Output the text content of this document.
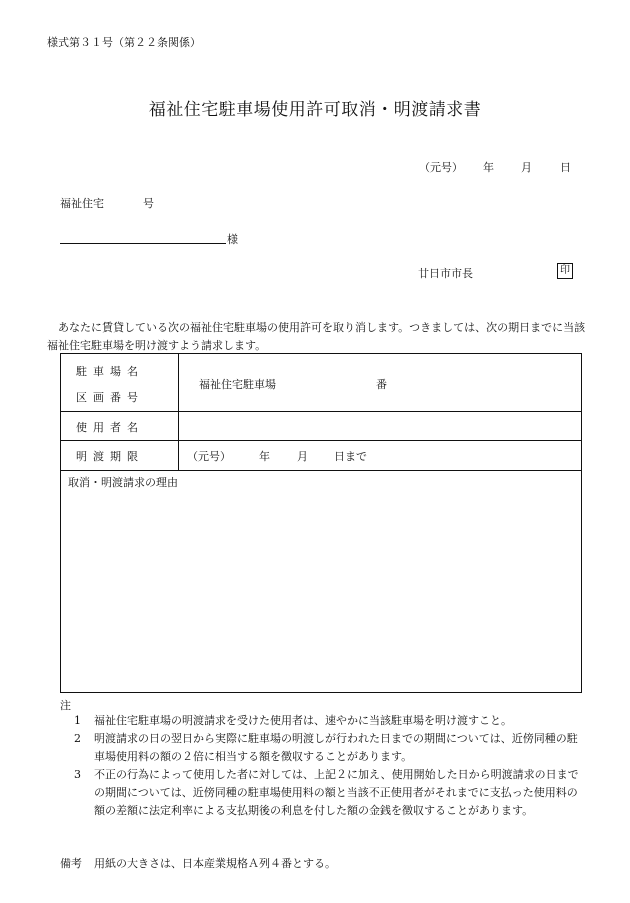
様式第３１号（第２２条関係）
福祉住宅駐車場使用許可取消・明渡請求書
（元号） 年 月	日
福祉住宅	号
様
廿日市市長	印
あなたに賃貸している次の福祉住宅駐車場の使用許可を取り消します。つきましては、次の期日までに当該福祉住宅駐車場を明け渡すよう請求します。
駐車場名
区画番号
福祉住宅駐車場	番
使用者名
明渡期限	（元号）	年 月 日まで
取消・明渡請求の理由
注
1 福祉住宅駐車場の明渡請求を受けた使用者は、速やかに当該駐車場を明け渡すこと。
2 明渡請求の日の翌日から実際に駐車場の明渡しが行われた日までの期間については、近傍同種の駐車場使用料の額の２倍に相当する額を徴収することがあります。
3 不正の行為によって使用した者に対しては、上記２に加え、使用開始した日から明渡請求の日までの期間については、近傍同種の駐車場使用料の額と当該不正使用者がそれまでに支払った使用料の額の差額に法定利率による支払期後の利息を付した額の金銭を徴収することがあります。
備考 用紙の大きさは、日本産業規格Ａ列４番とする。
